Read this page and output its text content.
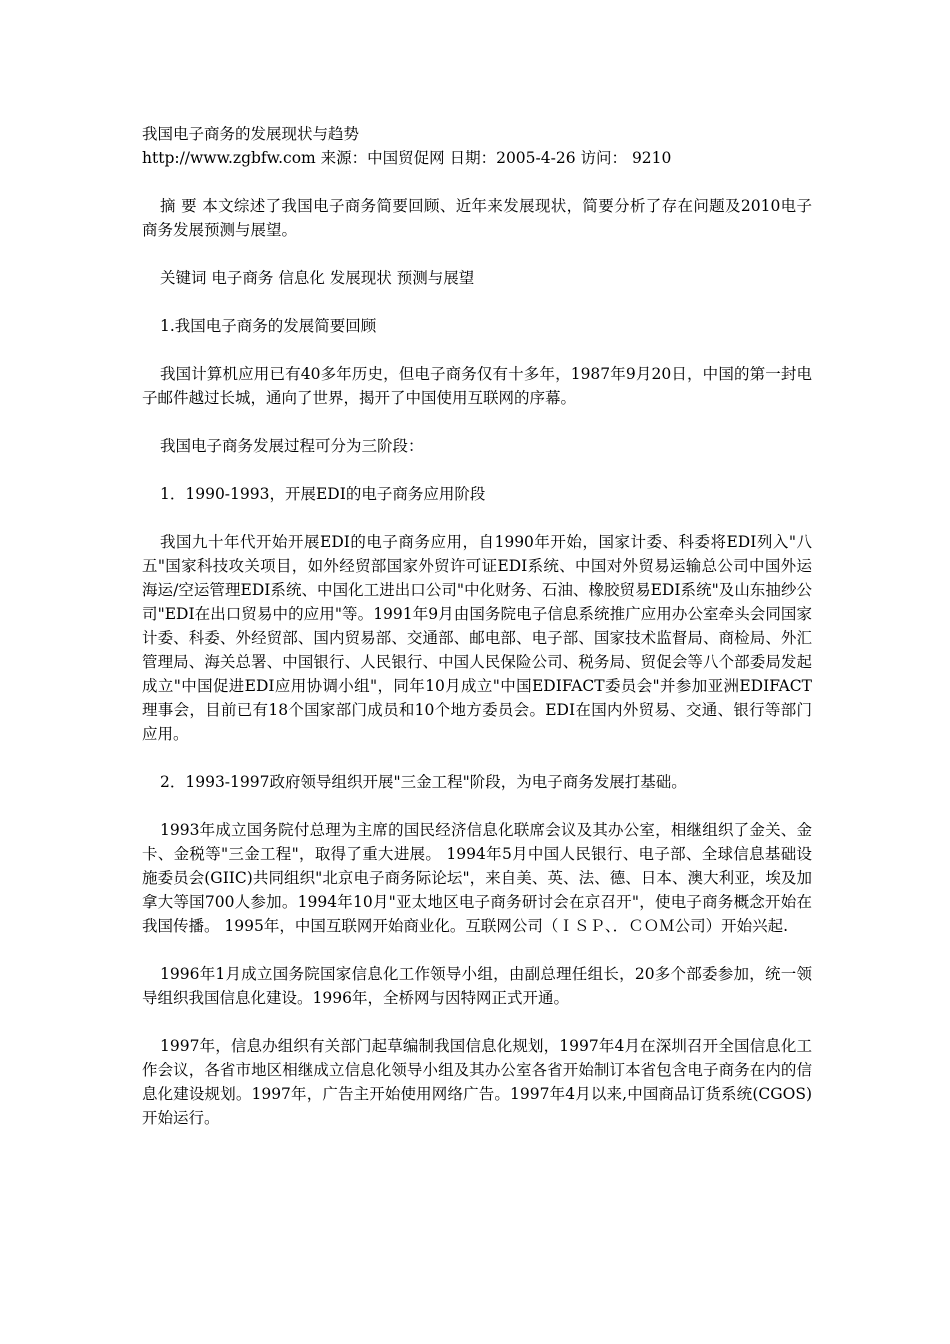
我国电子商务的发展现状与趋势

http://www.zgbfw.com 来源：中国贸促网 日期：2005-4-26 访问： 9210

摘 要 本文综述了我国电子商务简要回顾、近年来发展现状，简要分析了存在问题及2010电子商务发展预测与展望。

关键词 电子商务 信息化 发展现状 预测与展望

1.我国电子商务的发展简要回顾

我国计算机应用已有40多年历史，但电子商务仅有十多年，1987年9月20日，中国的第一封电子邮件越过长城，通向了世界，揭开了中国使用互联网的序幕。

我国电子商务发展过程可分为三阶段：

1．1990-1993，开展EDI的电子商务应用阶段

我国九十年代开始开展EDI的电子商务应用，自1990年开始，国家计委、科委将EDI列入"八五"国家科技攻关项目，如外经贸部国家外贸许可证EDI系统、中国对外贸易运输总公司中国外运海运/空运管理EDI系统、中国化工进出口公司"中化财务、石油、橡胶贸易EDI系统"及山东抽纱公司"EDI在出口贸易中的应用"等。1991年9月由国务院电子信息系统推广应用办公室牵头会同国家计委、科委、外经贸部、国内贸易部、交通部、邮电部、电子部、国家技术监督局、商检局、外汇管理局、海关总署、中国银行、人民银行、中国人民保险公司、税务局、贸促会等八个部委局发起成立"中国促进EDI应用协调小组"，同年10月成立"中国EDIFACT委员会"并参加亚洲EDIFACT理事会，目前已有18个国家部门成员和10个地方委员会。EDI在国内外贸易、交通、银行等部门应用。

2．1993-1997政府领导组织开展"三金工程"阶段，为电子商务发展打基础。

1993年成立国务院付总理为主席的国民经济信息化联席会议及其办公室，相继组织了金关、金卡、金税等"三金工程"，取得了重大进展。 1994年5月中国人民银行、电子部、全球信息基础设施委员会(GIIC)共同组织"北京电子商务际论坛"，来自美、英、法、德、日本、澳大利亚，埃及加拿大等国700人参加。1994年10月"亚太地区电子商务研讨会在京召开"，使电子商务概念开始在我国传播。 1995年，中国互联网开始商业化。互联网公司（ＩＳＰ、．ＣＯＭ公司）开始兴起.

1996年1月成立国务院国家信息化工作领导小组，由副总理任组长，20多个部委参加，统一领导组织我国信息化建设。1996年，全桥网与因特网正式开通。

1997年，信息办组织有关部门起草编制我国信息化规划，1997年4月在深圳召开全国信息化工作会议，各省市地区相继成立信息化领导小组及其办公室各省开始制订本省包含电子商务在内的信息化建设规划。1997年，广告主开始使用网络广告。1997年4月以来,中国商品订货系统(CGOS)开始运行。
